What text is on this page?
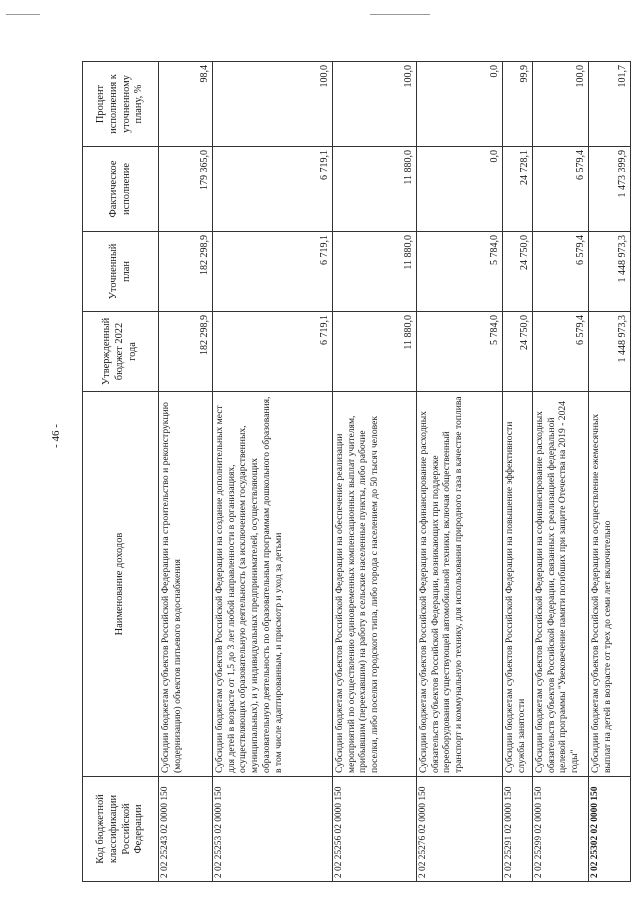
- 46 -
Код бюджетной классификации Российской Федерации	Наименование доходов	Утвержденный бюджет 2022 года	Уточненный план	Фактическое исполнение	Процент исполнения к уточненному плану, %
2 02 25243 02 0000 150	Субсидии бюджетам субъектов Российской Федерации на строительство и реконструкцию (модернизацию) объектов питьевого водоснабжения	182 298,9	182 298,9	179 365,0	98,4
2 02 25253 02 0000 150	Субсидии бюджетам субъектов Российской Федерации на создание дополнительных мест для детей в возрасте от 1,5 до 3 лет любой направленности в организациях, осуществляющих образовательную деятельность (за исключением государственных, муниципальных), и у индивидуальных предпринимателей, осуществляющих образовательную деятельность по образовательным программам дошкольного образования, в том числе адаптированным, и присмотр и уход за детьми	6 719,1	6 719,1	6 719,1	100,0
2 02 25256 02 0000 150	Субсидии бюджетам субъектов Российской Федерации на обеспечение реализации мероприятий по осуществлению единовременных компенсационных выплат учителям, прибывшим (переехавшим) на работу в сельские населенные пункты, либо рабочие поселки, либо поселки городского типа, либо города с населением до 50 тысяч человек	11 880,0	11 880,0	11 880,0	100,0
2 02 25276 02 0000 150	Субсидии бюджетам субъектов Российской Федерации на софинансирование расходных обязательств субъектов Российской Федерации, возникающих при поддержке переоборудования существующей автомобильной техники, включая общественный транспорт и коммунальную технику, для использования природного газа в качестве топлива	5 784,0	5 784,0	0,0	0,0
2 02 25291 02 0000 150	Субсидии бюджетам субъектов Российской Федерации на повышение эффективности службы занятости	24 750,0	24 750,0	24 728,1	99,9
2 02 25299 02 0000 150	Субсидии бюджетам субъектов Российской Федерации на софинансирование расходных обязательств субъектов Российской Федерации, связанных с реализацией федеральной целевой программы "Увековечение памяти погибших при защите Отечества на 2019 - 2024 годы"	6 579,4	6 579,4	6 579,4	100,0
2 02 25302 02 0000 150	Субсидии бюджетам субъектов Российской Федерации на осуществление ежемесячных выплат на детей в возрасте от трех до семи лет включительно	1 448 973,3	1 448 973,3	1 473 399,9	101,7
